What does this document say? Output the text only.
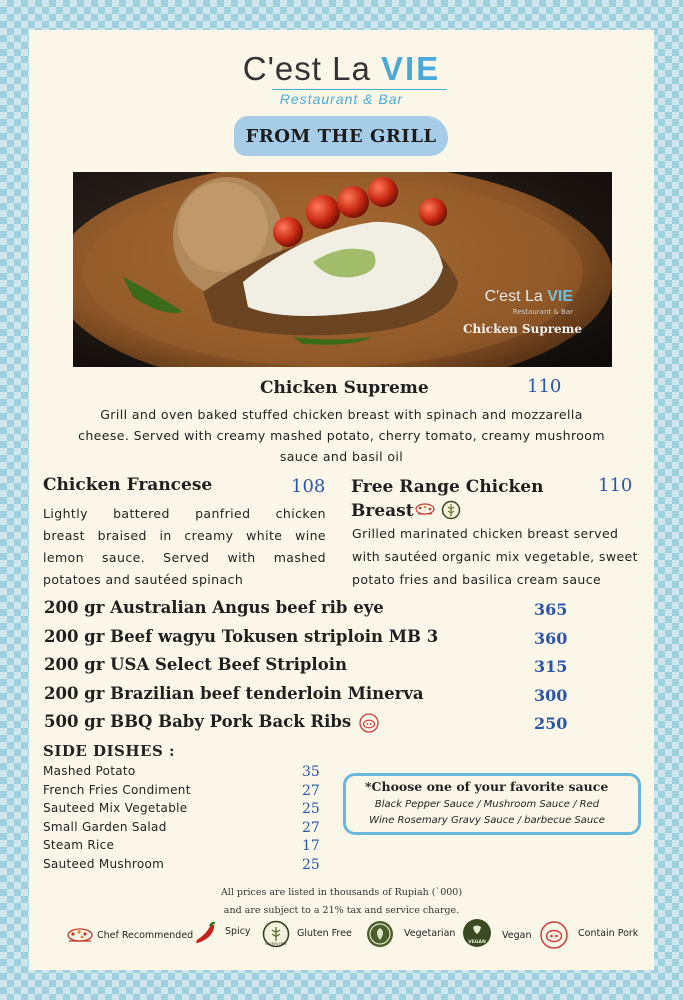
C'est La VIE
Restaurant & Bar
FROM THE GRILL
C'est La VIE
Restaurant & Bar
Chicken Supreme
Chicken Supreme	110
Grill and oven baked stuffed chicken breast with spinach and mozzarella
cheese. Served with creamy mashed potato, cherry tomato, creamy mushroom
sauce and basil oil
Chicken Francese	108
Lightly battered panfried chicken
breast braised in creamy white wine
lemon sauce. Served with mashed
potatoes and sautéed spinach
Free Range Chicken	110
Breast
Grilled marinated chicken breast served
with sautéed organic mix vegetable, sweet
potato fries and basilica cream sauce
200 gr Australian Angus beef rib eye	365
200 gr Beef wagyu Tokusen striploin MB 3	360
200 gr USA Select Beef Striploin	315
200 gr Brazilian beef tenderloin Minerva	300
500 gr BBQ Baby Pork Back Ribs	250
SIDE DISHES :
Mashed Potato	35
French Fries Condiment	27
Sauteed Mix Vegetable	25
Small Garden Salad	27
Steam Rice	17
Sauteed Mushroom	25
*Choose one of your favorite sauce
Black Pepper Sauce / Mushroom Sauce / Red
Wine Rosemary Gravy Sauce / barbecue Sauce
All prices are listed in thousands of Rupiah (`000)
and are subject to a 21% tax and service charge.
Chef Recommended	Spicy
GLUTEN FREE
Gluten Free	Vegetarian
VEGAN
Vegan	Contain Pork
